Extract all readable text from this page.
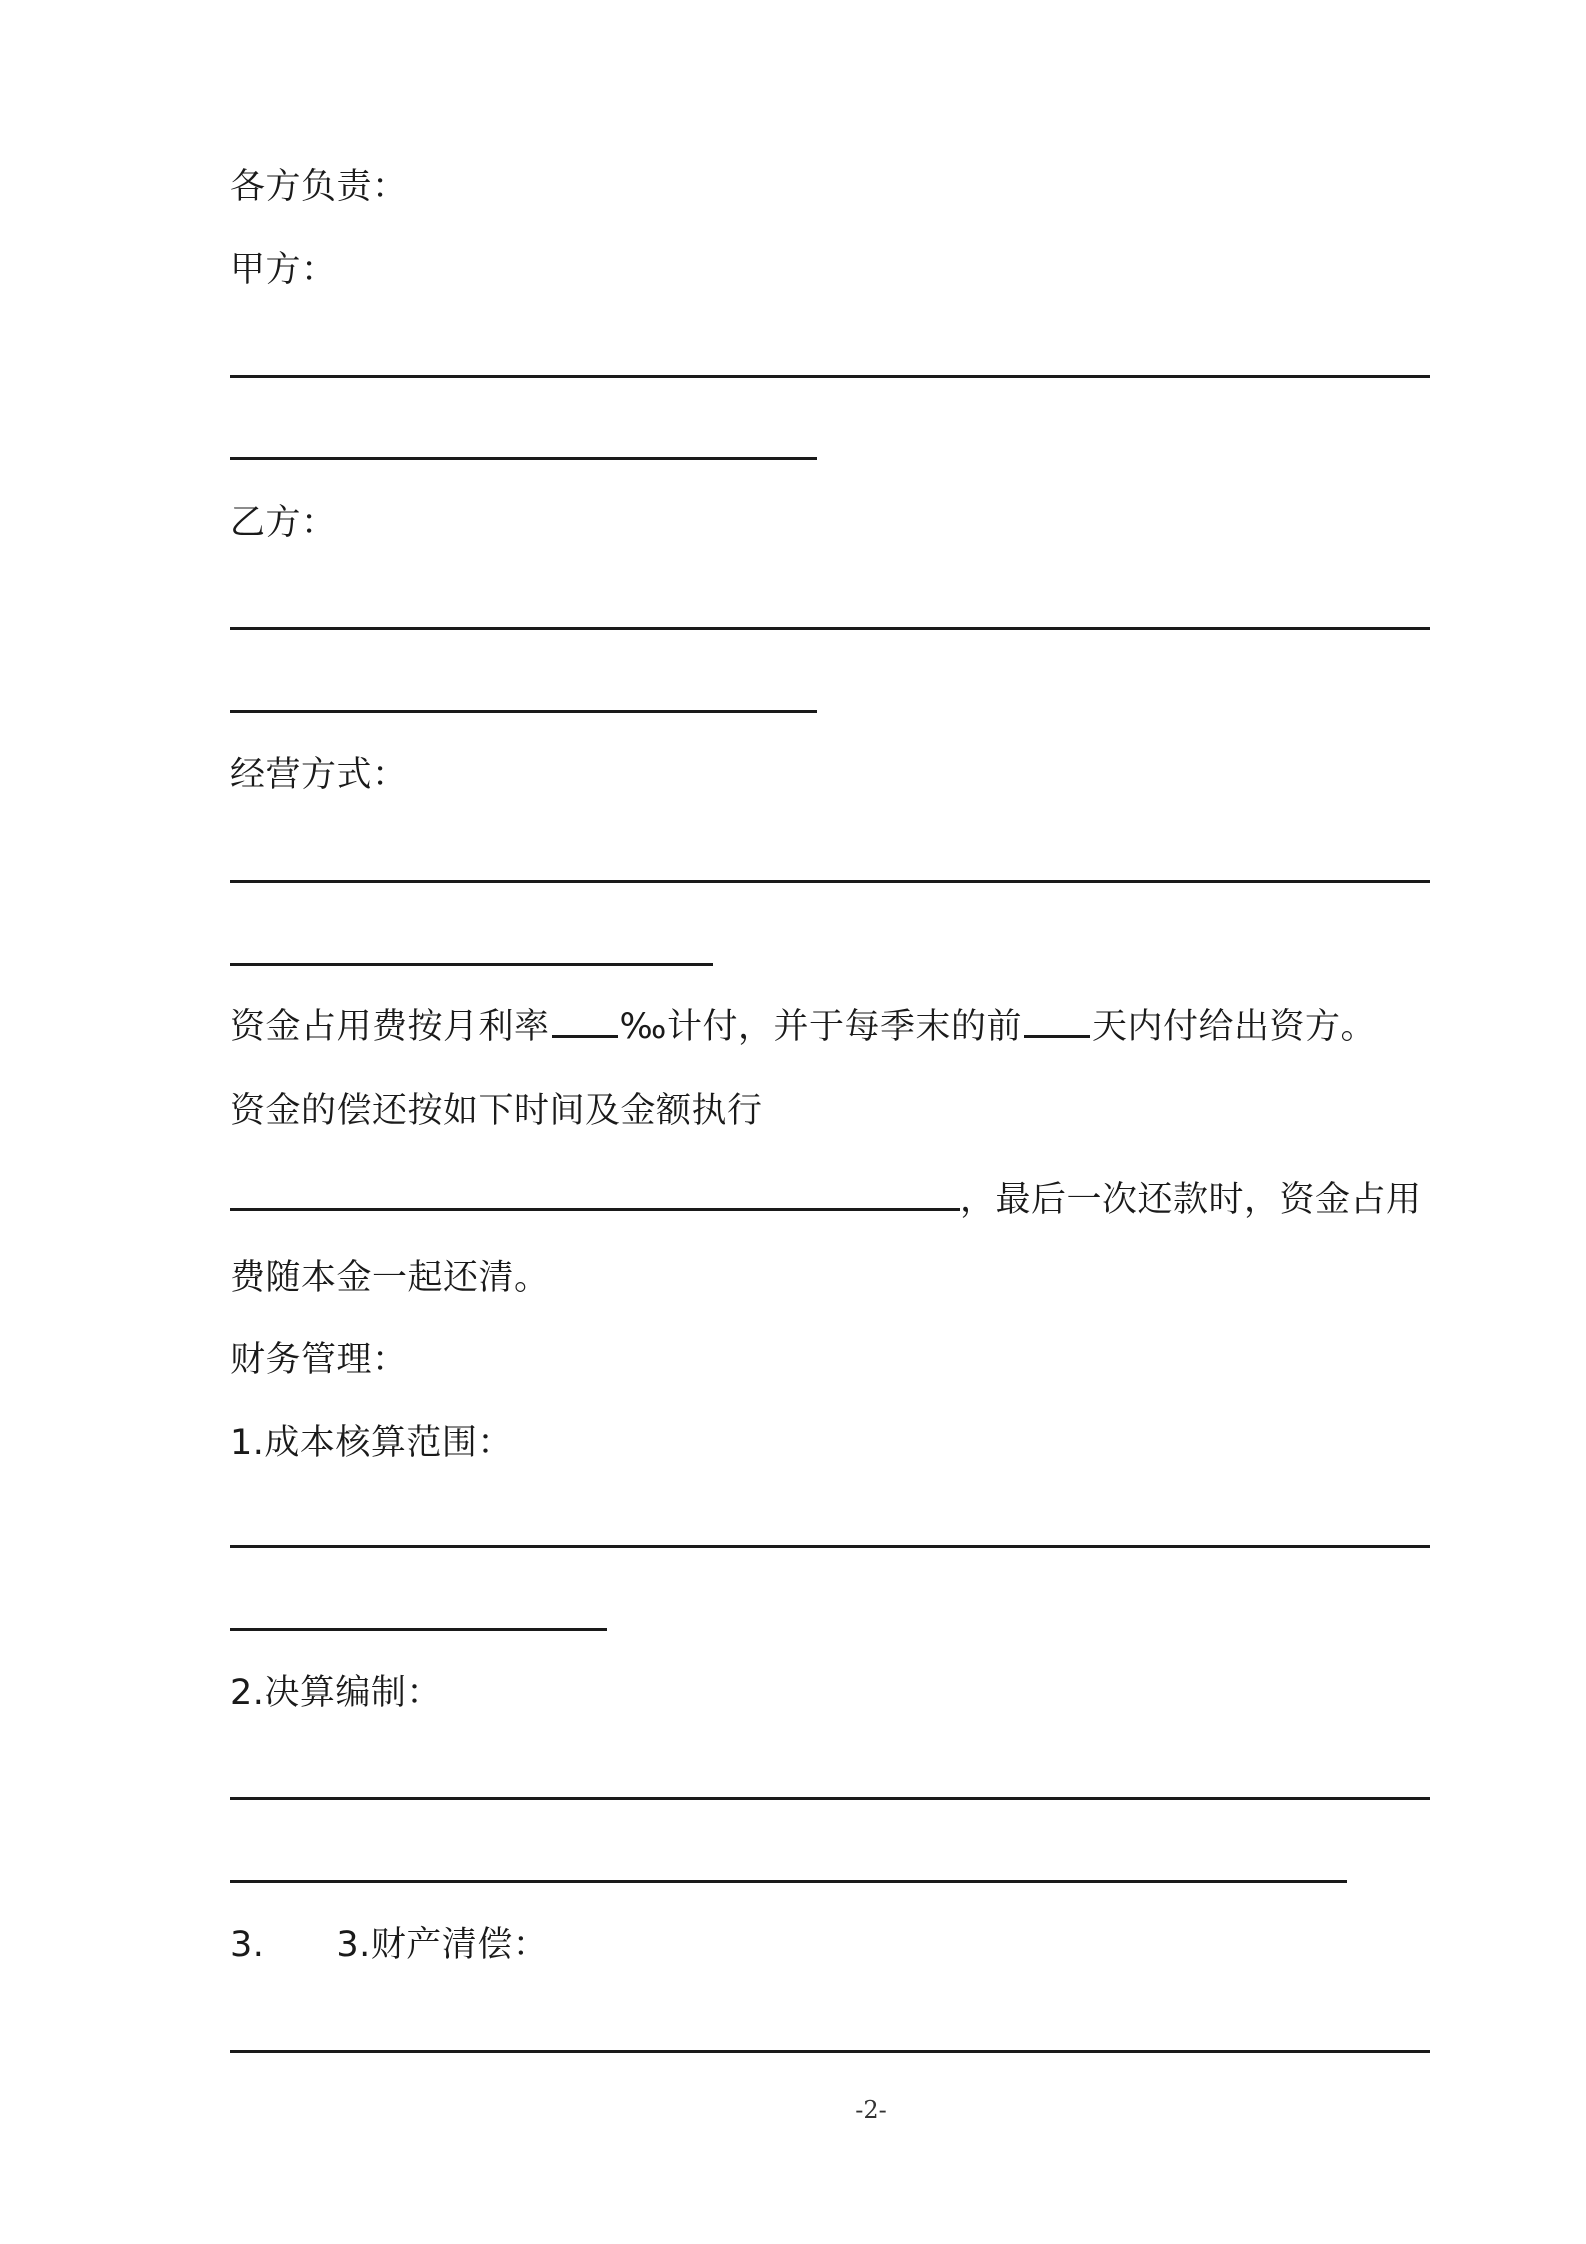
各方负责：
甲方：
乙方：
经营方式：
资金占用费按月利率 ‰计付，并于每季末的前 天内付给出资方。
资金的偿还按如下时间及金额执行
，最后一次还款时，资金占用
费随本金一起还清。
财务管理：
1.成本核算范围：
2.决算编制：
3. 3.财产清偿：
-2-
